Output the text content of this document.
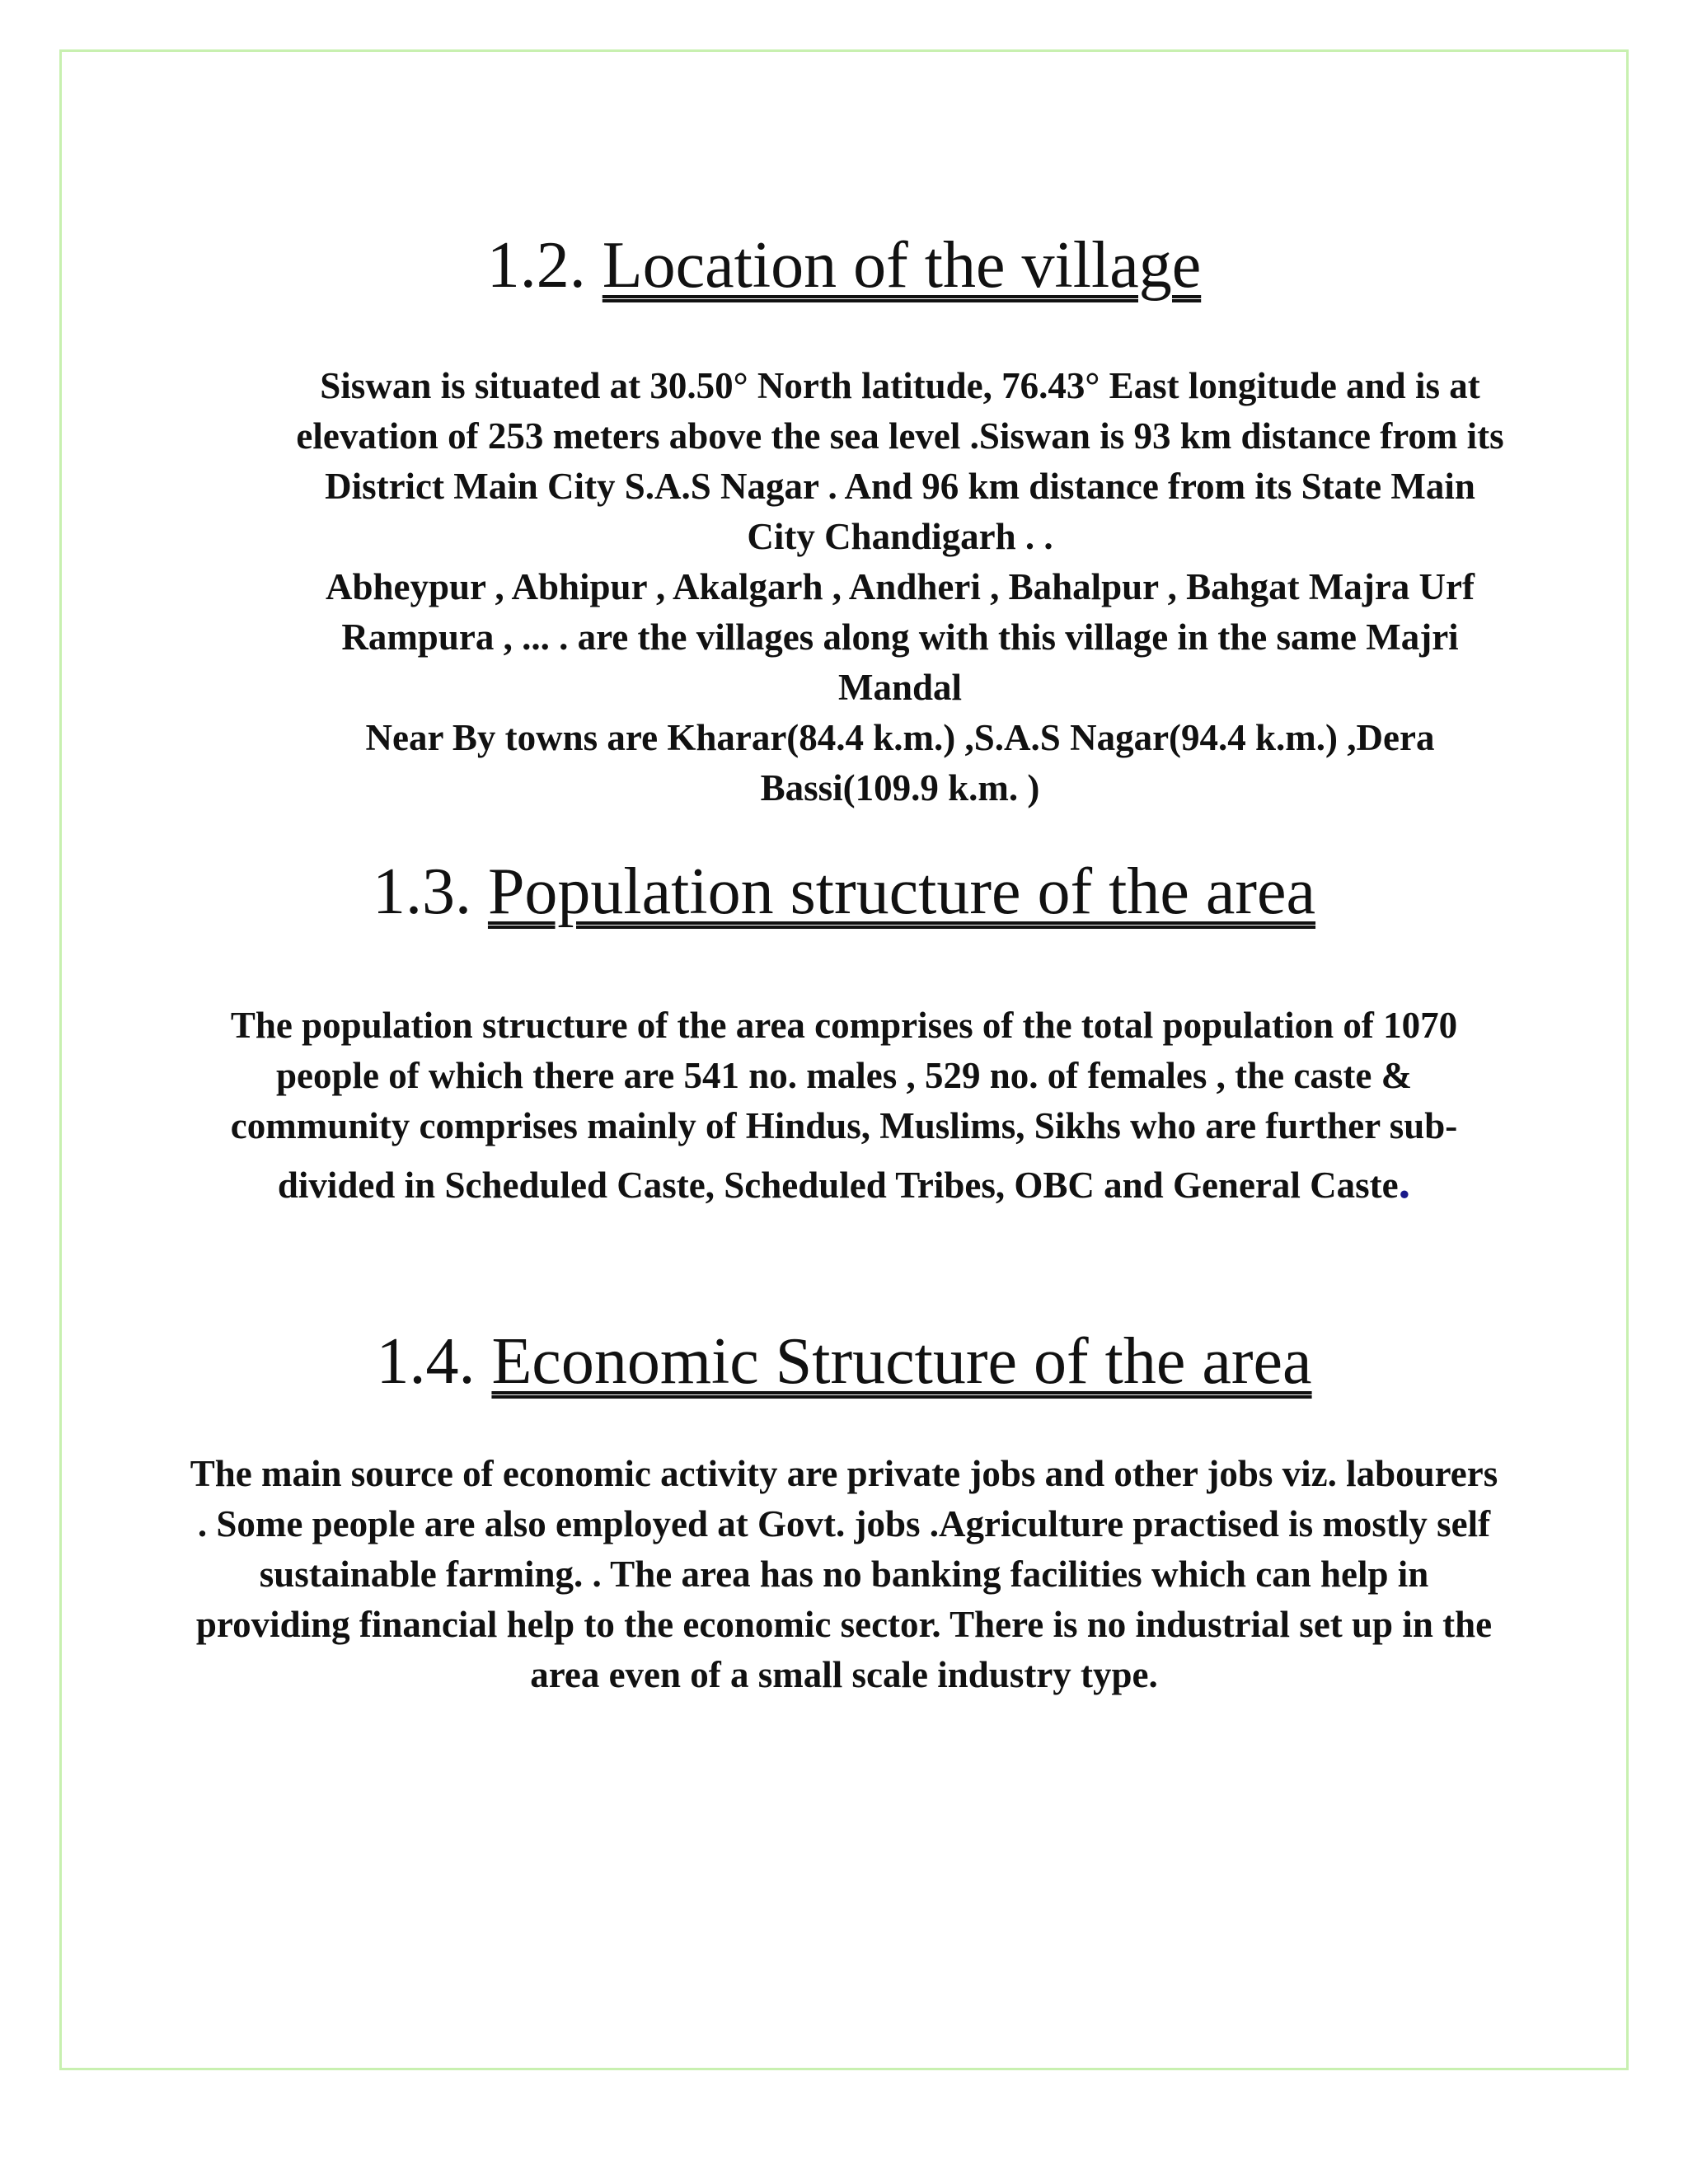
1.2. Location of the village
Siswan is situated at 30.50° North latitude, 76.43° East longitude and is at
elevation of 253 meters above the sea level .Siswan is 93 km distance from its
District Main City S.A.S Nagar . And 96 km distance from its State Main
City Chandigarh . .
Abheypur , Abhipur , Akalgarh , Andheri , Bahalpur , Bahgat Majra Urf
Rampura , ... . are the villages along with this village in the same Majri
Mandal
Near By towns are Kharar(84.4 k.m.) ,S.A.S Nagar(94.4 k.m.) ,Dera
Bassi(109.9 k.m. )
1.3. Population structure of the area
The population structure of the area comprises of the total population of 1070
people of which there are 541 no. males , 529 no. of females , the caste &
community comprises mainly of Hindus, Muslims, Sikhs who are further sub-
divided in Scheduled Caste, Scheduled Tribes, OBC and General Caste.
1.4. Economic Structure of the area
The main source of economic activity are private jobs and other jobs viz. labourers
. Some people are also employed at Govt. jobs .Agriculture practised is mostly self
sustainable farming. . The area has no banking facilities which can help in
providing financial help to the economic sector. There is no industrial set up in the
area even of a small scale industry type.
